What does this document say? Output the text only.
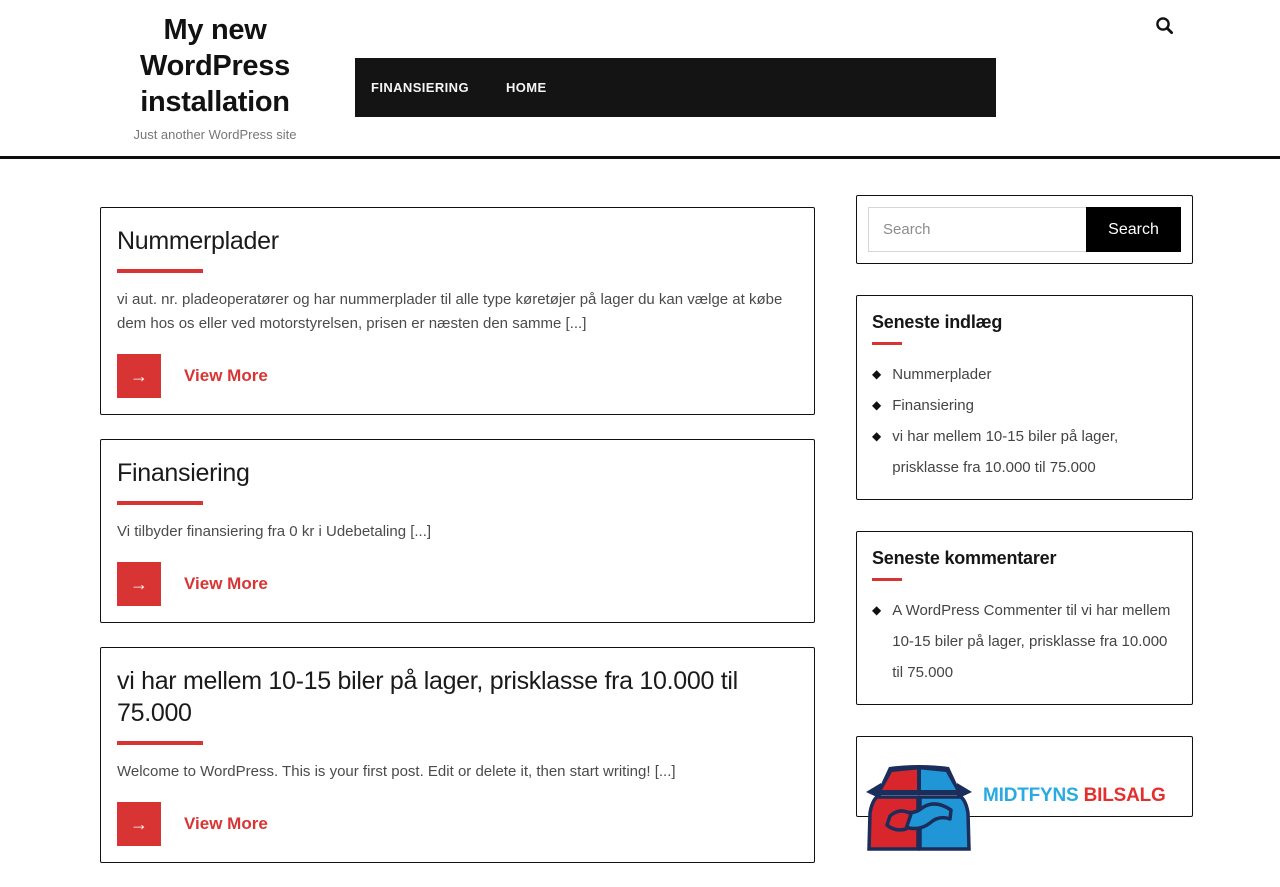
My new WordPress installation
Just another WordPress site
FINANSIERING	HOME
Nummerplader
vi aut. nr. pladeoperatører og har nummerplader til alle type køretøjer på lager du kan vælge at købe dem hos os eller ved motorstyrelsen, prisen er næsten den samme [...]
→	View More
Finansiering
Vi tilbyder finansiering fra 0 kr i Udebetaling [...]
→	View More
vi har mellem 10-15 biler på lager, prisklasse fra 10.000 til 75.000
Welcome to WordPress. This is your first post. Edit or delete it, then start writing! [...]
→	View More
Search
Search
Seneste indlæg
◆ Nummerplader
◆ Finansiering
◆ vi har mellem 10-15 biler på lager, prisklasse fra 10.000 til 75.000
Seneste kommentarer
◆ A WordPress Commenter til vi har mellem 10-15 biler på lager, prisklasse fra 10.000 til 75.000
MIDTFYNS BILSALG
